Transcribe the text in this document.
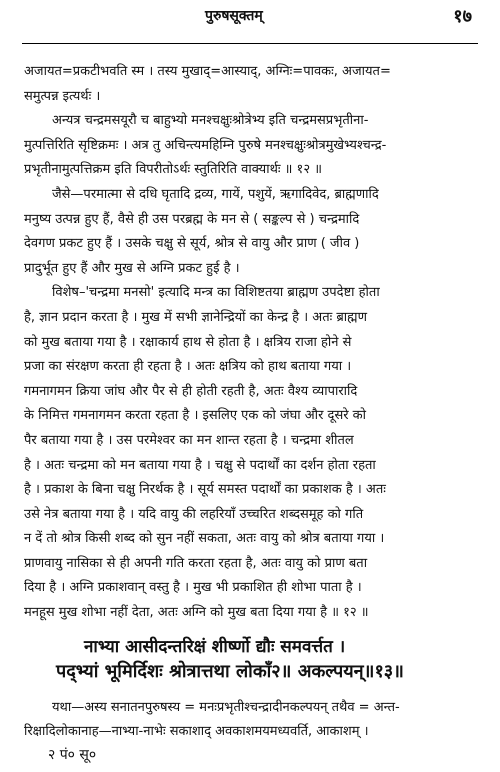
पुरुषसूक्तम्	१७
अजायत=प्रकटीभवति स्म । तस्य मुखाद्=आस्याद्, अग्निः=पावकः, अजायत=
समुत्पन्न इत्यर्थः ।
अन्यत्र चन्द्रमसयूरौ च बाहुभ्यो मनश्चक्षुःश्रोत्रेभ्य इति चन्द्रमसप्रभृतीना-
मुत्पत्तिरिति सृष्टिक्रमः । अत्र तु अचिन्त्यमहिम्नि पुरुषे मनश्चक्षुःश्रोत्रमुखेभ्यश्चन्द्र-
प्रभृतीनामुत्पत्तिक्रम इति विपरीतोऽर्थः स्तुतिरिति वाक्यार्थः ॥ १२ ॥
जैसे—परमात्मा से दधि घृतादि द्रव्य, गायें, पशुयें, ऋगादिवेद, ब्राह्मणादि
मनुष्य उत्पन्न हुए हैं, वैसे ही उस परब्रह्म के मन से ( सङ्कल्प से ) चन्द्रमादि
देवगण प्रकट हुए हैं । उसके चक्षु से सूर्य, श्रोत्र से वायु और प्राण ( जीव )
प्रादुर्भूत हुए हैं और मुख से अग्नि प्रकट हुई है ।
विशेष–'चन्द्रमा मनसो' इत्यादि मन्त्र का विशिष्टतया ब्राह्मण उपदेष्टा होता
है, ज्ञान प्रदान करता है । मुख में सभी ज्ञानेन्द्रियों का केन्द्र है । अतः ब्राह्मण
को मुख बताया गया है । रक्षाकार्य हाथ से होता है । क्षत्रिय राजा होने से
प्रजा का संरक्षण करता ही रहता है । अतः क्षत्रिय को हाथ बताया गया ।
गमनागमन क्रिया जांघ और पैर से ही होती रहती है, अतः वैश्य व्यापारादि
के निमित्त गमनागमन करता रहता है । इसलिए एक को जंघा और दूसरे को
पैर बताया गया है । उस परमेश्वर का मन शान्त रहता है । चन्द्रमा शीतल
है । अतः चन्द्रमा को मन बताया गया है । चक्षु से पदार्थों का दर्शन होता रहता
है । प्रकाश के बिना चक्षु निरर्थक है । सूर्य समस्त पदार्थों का प्रकाशक है । अतः
उसे नेत्र बताया गया है । यदि वायु की लहरियाँ उच्चरित शब्दसमूह को गति
न दें तो श्रोत्र किसी शब्द को सुन नहीं सकता, अतः वायु को श्रोत्र बताया गया ।
प्राणवायु नासिका से ही अपनी गति करता रहता है, अतः वायु को प्राण बता
दिया है । अग्नि प्रकाशवान् वस्तु है । मुख भी प्रकाशित ही शोभा पाता है ।
मनहूस मुख शोभा नहीं देता, अतः अग्नि को मुख बता दिया गया है ॥ १२ ॥
नाभ्या आसीदन्तरिक्षं शीर्ष्णो द्यौः समवर्त्तत ।
पद्भ्यां भूमिर्दिशः श्रोत्रात्तथा लोकाँ२॥ अकल्पयन्॥१३॥
यथा—अस्य सनातनपुरुषस्य = मनःप्रभृतीश्चन्द्रादीनकल्पयन् तथैव = अन्त-
रिक्षादिलोकानाह—नाभ्या-नाभेः सकाशाद् अवकाशमयमध्यवर्ति, आकाशम् ।
२ पं० सू०
